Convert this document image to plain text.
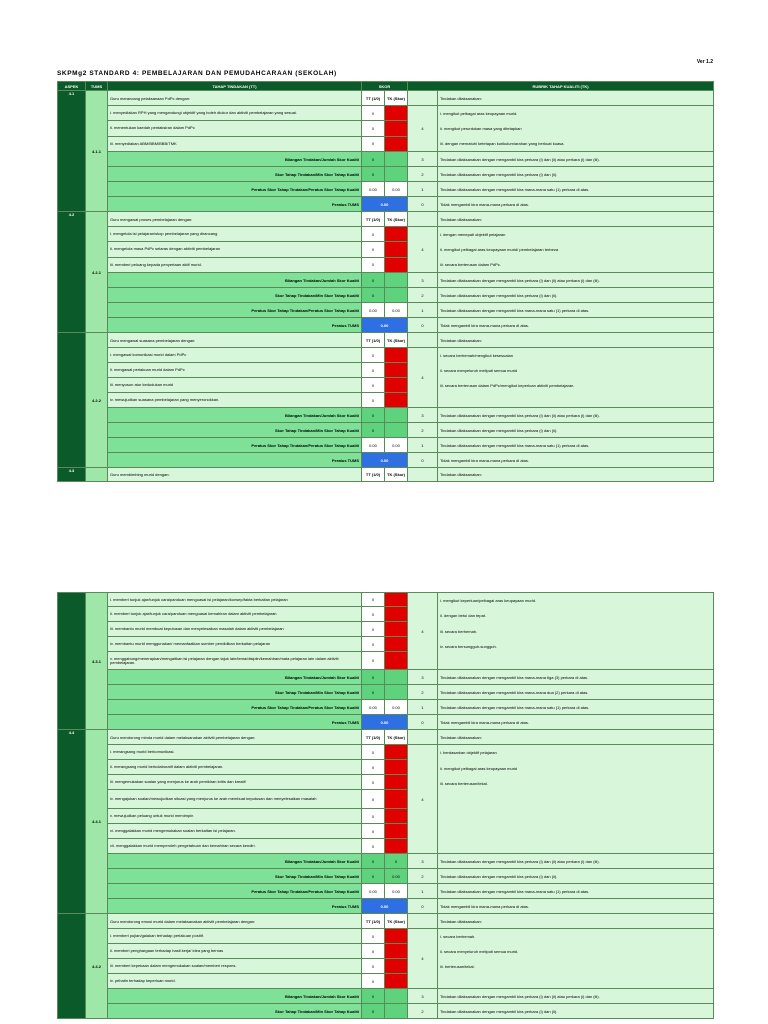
Ver 1.2
SKPMg2 STANDARD 4: PEMBELAJARAN DAN PEMUDAHCARAAN (SEKOLAH)
ASPEK	TUMS	TAHAP TINDAKAN (TT)	SKOR		RUBRIK TAHAP KUALITI (TK)	
4.1	4.1.1	Guru merancang pelaksanaan PdPc dengan:	TT (1/0)	TK (Skor)		Tindakan dilaksanakan:
		i. menyediakan RPH yang mengandungi objektif yang boleh diukur dan aktiviti pembelajaran yang sesuai.	0		4	i. mengikut pelbagai aras keupayaan murid.
ii. mengikut peruntukan masa yang ditetapkan
iii. dengan mematuhi ketetapan kurikulum/arahan yang berkuat kuasa.

		ii. menentukan kaedah pentaksiran dalam PdPc	0			
		iii. menyediakan ABM/BBM/BBB/TMK	0			
		Bilangan Tindakan/Jumlah Skor Kualiti	0		3	Tindakan dilaksanakan dengan mengambil kira perkara (i) dan (ii) atau perkara (i) dan (iii).
		Skor Tahap Tindakan/Min Skor Tahap Kualiti	0		2	Tindakan dilaksanakan dengan mengambil kira perkara (i) dan (ii).
		Peratus Skor Tahap Tindakan/Peratus Skor Tahap Kualiti	0.00	0.00	1	Tindakan dilaksanakan dengan mengambil kira mana-mana satu (1) perkara di atas.
		Peratus TUMS	0.00		0	Tidak mengambil kira mana-mana perkara di atas.
4.2	4.2.1	Guru mengawal proses pembelajaran dengan:	TT (1/0)	TK (Skor)		Tindakan dilaksanakan:
		i. mengelola isi pelajaran/skop pembelajaran yang dirancang	0		4	i. dengan menepati objektif pelajaran
ii. mengikut pelbagai aras keupayaan murid/ pembelajaran terbeza
iii. secara berterusan dalam PdPc.

		ii. mengelola masa PdPc selaras dengan aktiviti pembelajaran	0			
		iii. memberi peluang kepada penyertaan aktif murid.	0			
		Bilangan Tindakan/Jumlah Skor Kualiti	0		3	Tindakan dilaksanakan dengan mengambil kira perkara (i) dan (ii) atau perkara (i) dan (iii).
		Skor Tahap Tindakan/Min Skor Tahap Kualiti	0		2	Tindakan dilaksanakan dengan mengambil kira perkara (i) dan (ii).
		Peratus Skor Tahap Tindakan/Peratus Skor Tahap Kualiti	0.00	0.00	1	Tindakan dilaksanakan dengan mengambil kira mana-mana satu (1) perkara di atas.
		Peratus TUMS	0.00		0	Tidak mengambil kira mana-mana perkara di atas.
	4.2.2	Guru mengawal suasana pembelajaran dengan:	TT (1/0)	TK (Skor)		Tindakan dilaksanakan:
		i. mengawal komunikasi murid dalam PdPc	0		4	i. secara berhemah/mengikut kesesuaian
ii. secara menyeluruh meliputi semua murid
iii. secara berterusan dalam PdPc/mengikut keperluan aktiviti pembelajaran.

		ii. mengawal perlakuan murid dalam PdPc	0			
		iii. menyusun atur kedudukan murid	0			
		iv. mewujudkan suasana pembelajaran yang menyeronokkan.	0			
		Bilangan Tindakan/Jumlah Skor Kualiti	0		3	Tindakan dilaksanakan dengan mengambil kira perkara (i) dan (ii) atau perkara (i) dan (iii).
		Skor Tahap Tindakan/Min Skor Tahap Kualiti	0		2	Tindakan dilaksanakan dengan mengambil kira perkara (i) dan (ii).
		Peratus Skor Tahap Tindakan/Peratus Skor Tahap Kualiti	0.00	0.00	1	Tindakan dilaksanakan dengan mengambil kira mana-mana satu (1) perkara di atas.
		Peratus TUMS	0.00		0	Tidak mengambil kira mana-mana perkara di atas.
4.3		Guru membimbing murid dengan:	TT (1/0)	TK (Skor)		Tindakan dilaksanakan:
	4.3.1	i. memberi tunjuk ajar/tunjuk cara/panduan menguasai isi pelajaran/konsep/fakta berkaitan pelajaran	0		4	i. mengikut keperluan/pelbagai aras keupayaan murid.
ii. dengan betul dan tepat.
iii. secara berhemah.
iv. secara bersungguh-sungguh.

		ii. memberi tunjuk ajar/tunjuk cara/panduan menguasai kemahiran dalam aktiviti pembelajaran	0			
		iii. membantu murid membuat keputusan dan menyelesaikan masalah dalam aktiviti pembelajaran	0			
		iv. membantu murid menggunakan/ memanfaatkan sumber pendidikan berkaitan pelajaran	0			
		v. menggabung/menerapkan/mengaitkan isi pelajaran dengan tajuk lain/tema/disiplin/kemahiran/mata pelajaran lain dalam aktiviti pembelajaran.	0			
		Bilangan Tindakan/Jumlah Skor Kualiti	0		3	Tindakan dilaksanakan dengan mengambil kira mana-mana tiga (3) perkara di atas.
		Skor Tahap Tindakan/Min Skor Tahap Kualiti	0		2	Tindakan dilaksanakan dengan mengambil kira mana-mana dua (2) perkara di atas.
		Peratus Skor Tahap Tindakan/Peratus Skor Tahap Kualiti	0.00	0.00	1	Tindakan dilaksanakan dengan mengambil kira mana-mana satu (1) perkara di atas.
		Peratus TUMS	0.00		0	Tidak mengambil kira mana-mana perkara di atas.
4.4	4.4.1	Guru mendorong minda murid dalam melaksanakan aktiviti pembelajaran dengan:	TT (1/0)	TK (Skor)		Tindakan dilaksanakan:
		i. merangsang murid berkomunikasi.	0		4	i. berdasarkan objektif pelajaran
ii. mengikut pelbagai aras keupayaan murid
iii. secara berterusan/tekal.

		ii. merangsang murid berkolaboratif dalam aktiviti pembelajaran.	0			
		iii. mengemukakan soalan yang menjurus ke arah pemikiran kritis dan kreatif	0			
		iv. mengajukan soalan/mewujudkan situasi yang menjurus ke arah membuat keputusan dan menyelesaikan masalah	0			
		v. mewujudkan peluang untuk murid memimpin	0			
		vi. menggalakkan murid mengemukakan soalan berkaitan isi pelajaran.	0			
		vii. menggalakkan murid memperoleh pengetahuan dan kemahiran secara kendiri.	0			
		Bilangan Tindakan/Jumlah Skor Kualiti	0	0	3	Tindakan dilaksanakan dengan mengambil kira perkara (i) dan (ii) atau perkara (i) dan (iii).
		Skor Tahap Tindakan/Min Skor Tahap Kualiti	0	0.00	2	Tindakan dilaksanakan dengan mengambil kira perkara (i) dan (ii).
		Peratus Skor Tahap Tindakan/Peratus Skor Tahap Kualiti	0.00	0.00	1	Tindakan dilaksanakan dengan mengambil kira mana-mana satu (1) perkara di atas.
		Peratus TUMS	0.00		0	Tidak mengambil kira mana-mana perkara di atas.
	4.4.2	Guru mendorong emosi murid dalam melaksanakan aktiviti pembelajaran dengan:	TT (1/0)	TK (Skor)		Tindakan dilaksanakan:
		i. memberi pujian/galakan terhadap perlakuan positif.	0		4	i. secara berhemah.
ii. secara menyeluruh meliputi semua murid.
iii. berterusan/tekal.

		ii. memberi penghargaan terhadap hasil kerja/ idea yang bernas	0			
		iii. memberi kepekaan dalam mengemukakan soalan/memberi respons.	0			
		iv. prihatin terhadap keperluan murid.	0			
		Bilangan Tindakan/Jumlah Skor Kualiti	0		3	Tindakan dilaksanakan dengan mengambil kira perkara (i) dan (ii) atau perkara (i) dan (iii).
		Skor Tahap Tindakan/Min Skor Tahap Kualiti	0		2	Tindakan dilaksanakan dengan mengambil kira perkara (i) dan (ii).
